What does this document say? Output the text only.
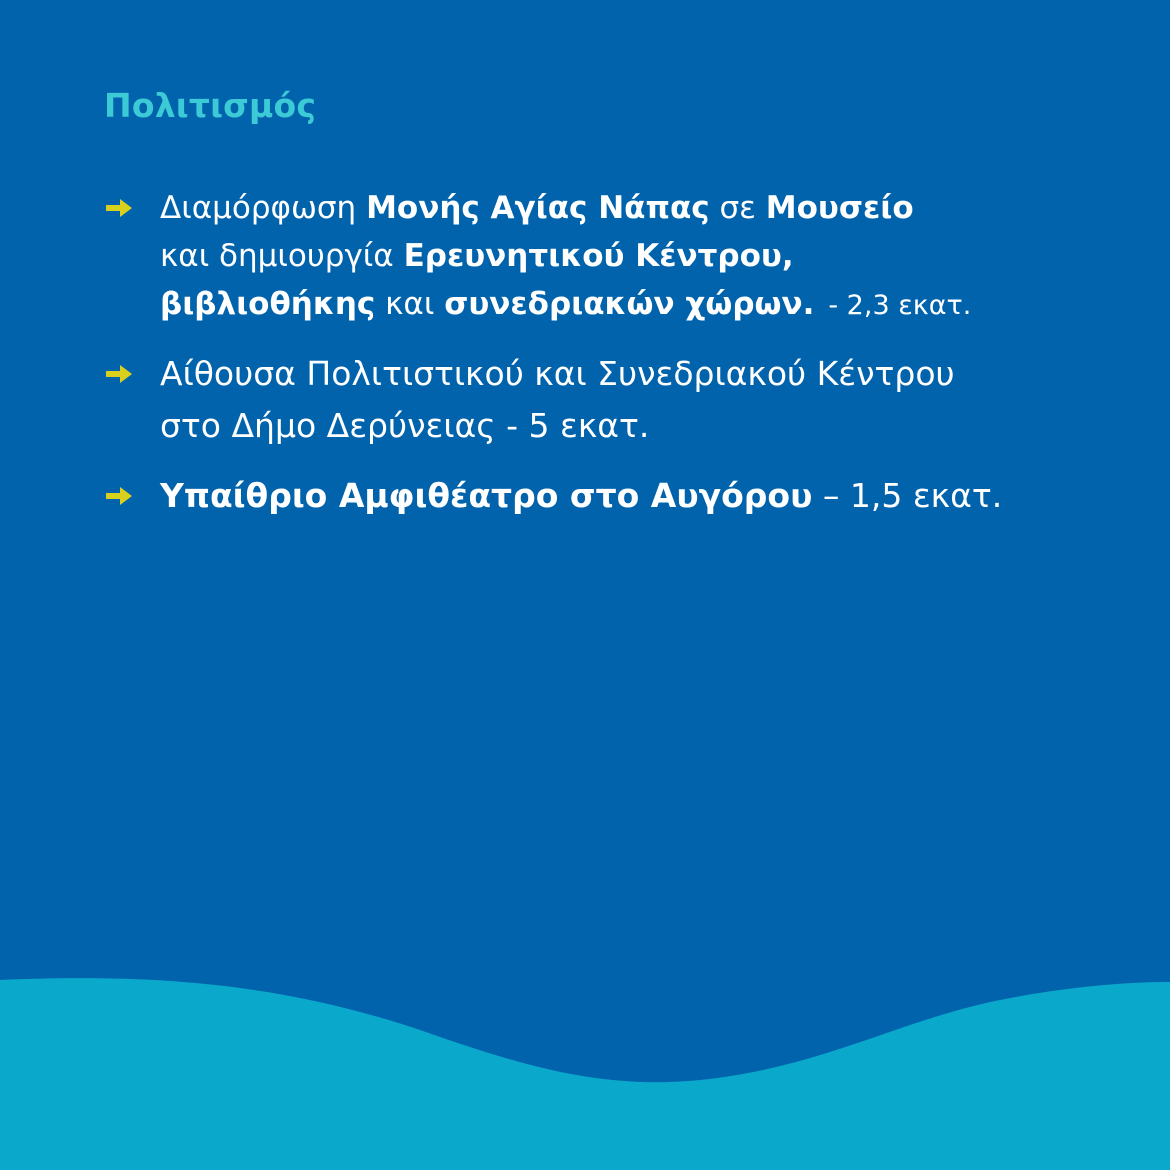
Πολιτισμός
Διαμόρφωση Μονής Αγίας Νάπας σε Μουσείο
και δημιουργία Ερευνητικού Κέντρου,
βιβλιοθήκης και συνεδριακών χώρων. - 2,3 εκατ.
Αίθουσα Πολιτιστικού και Συνεδριακού Κέντρου
στο Δήμο Δερύνειας - 5 εκατ.
Υπαίθριο Αμφιθέατρο στο Αυγόρου – 1,5 εκατ.
